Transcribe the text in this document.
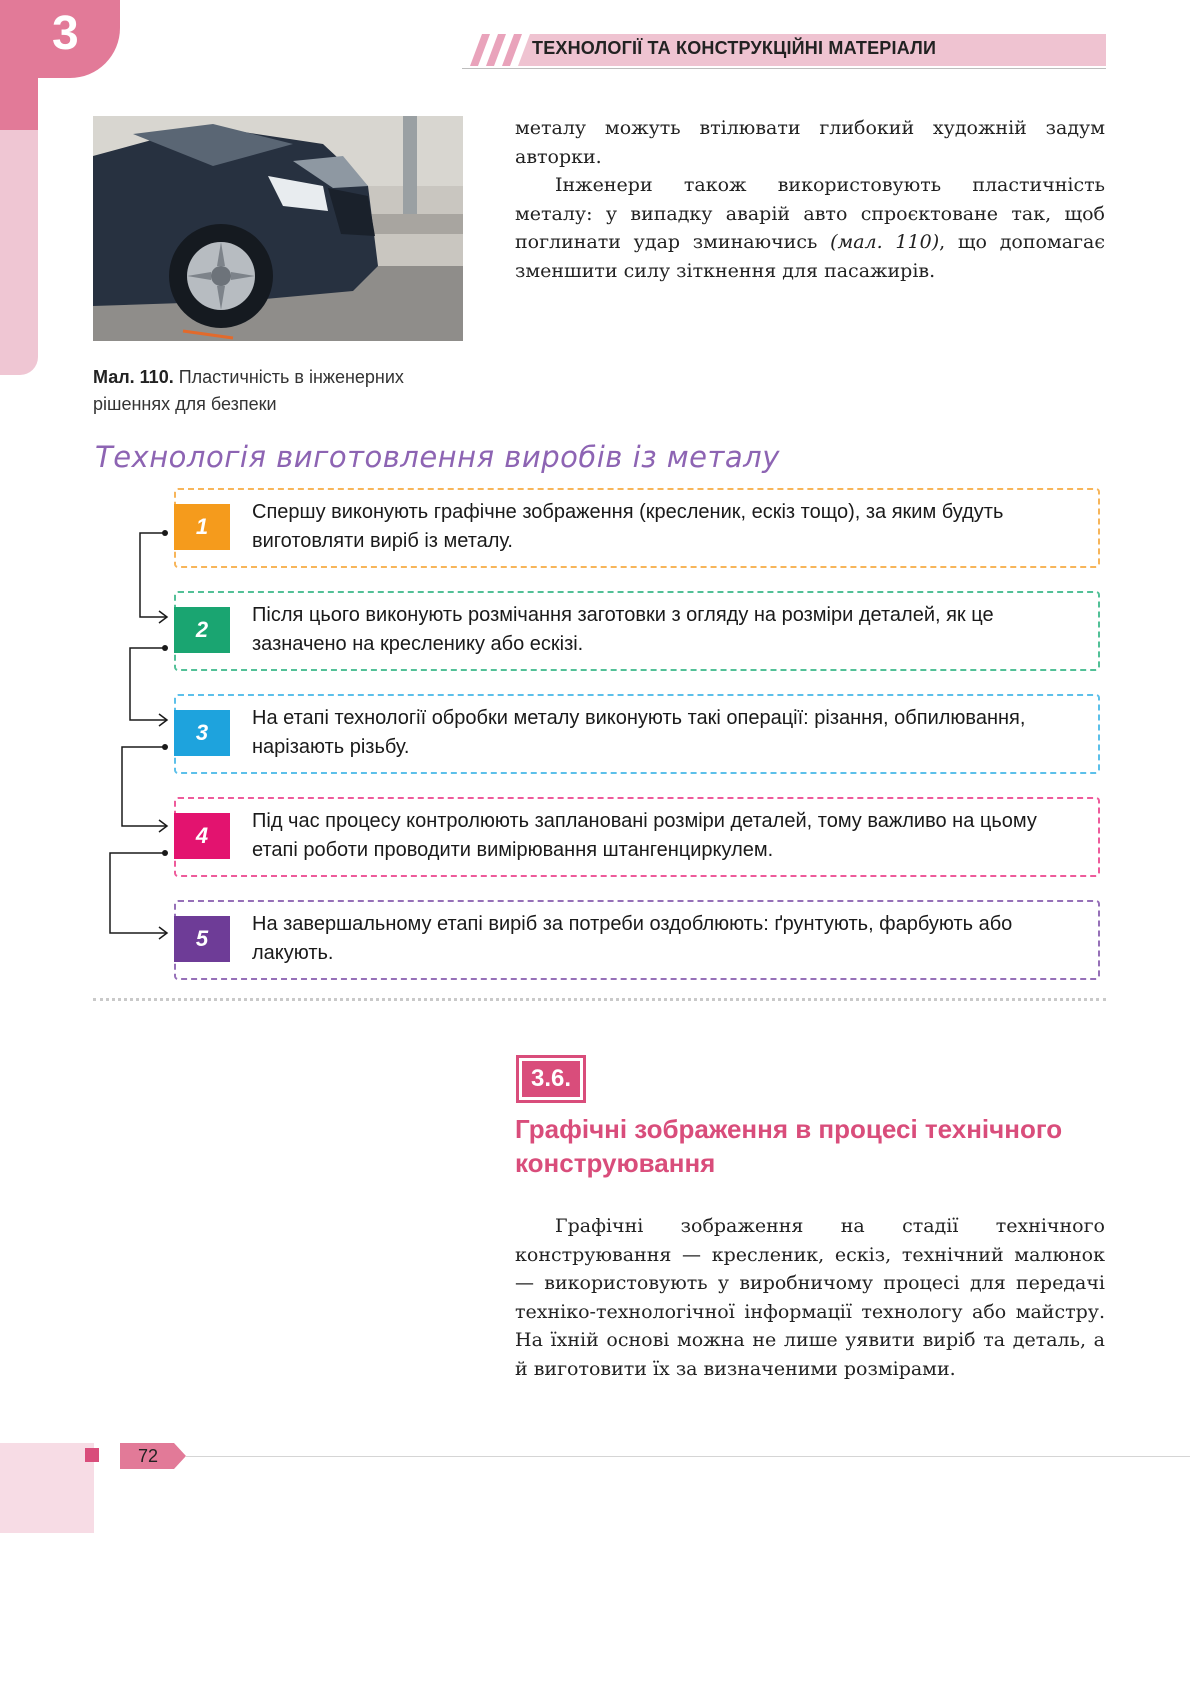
3	ТЕХНОЛОГІЇ ТА КОНСТРУКЦІЙНІ МАТЕРІАЛИ
Мал. 110. Пластичність в інженерних рішеннях для безпеки
металу можуть втілювати глибокий художній задум авторки.
Інженери також використовують пластичність металу: у випадку аварій авто спроєктоване так, щоб поглинати удар зминаючись (мал. 110), що допомагає зменшити силу зіткнення для пасажирів.
Технологія виготовлення виробів із металу
1
Спершу виконують графічне зображення (кресленик, ескіз тощо), за яким будуть виготовляти виріб із металу.
2
Після цього виконують розмічання заготовки з огляду на розміри деталей, як це зазначено на кресленику або ескізі.
3
На етапі технології обробки металу виконують такі операції: різання, обпилювання, нарізають різьбу.
4
Під час процесу контролюють заплановані розміри деталей, тому важливо на цьому етапі роботи проводити вимірювання штангенциркулем.
5
На завершальному етапі виріб за потреби оздоблюють: ґрунтують, фарбують або лакують.
3.6.
Графічні зображення в процесі технічного конструювання
Графічні зображення на стадії технічного конструювання — кресленик, ескіз, технічний малюнок — використовують у виробничому процесі для передачі техніко-технологічної інформації технологу або майстру. На їхній основі можна не лише уявити виріб та деталь, а й виготовити їх за визначеними розмірами.
72
